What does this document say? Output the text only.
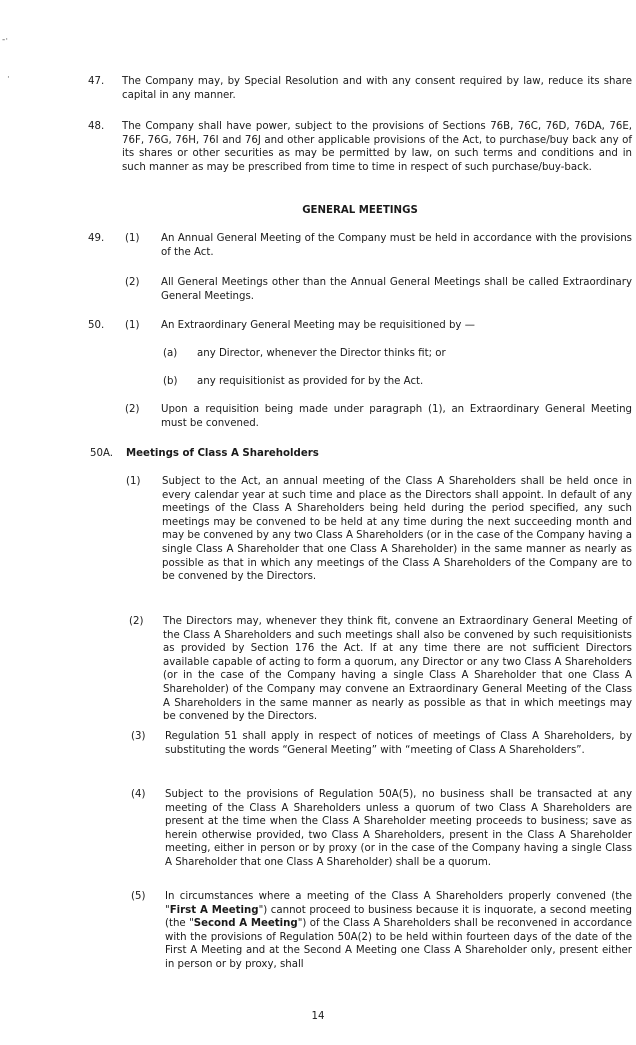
-·
·	47. The Company may, by Special Resolution and with any consent required by law, reduce its share capital in any manner.
48. The Company shall have power, subject to the provisions of Sections 76B, 76C, 76D, 76DA, 76E, 76F, 76G, 76H, 76I and 76J and other applicable provisions of the Act, to purchase/buy back any of its shares or other securities as may be permitted by law, on such terms and conditions and in such manner as may be prescribed from time to time in respect of such purchase/buy-back.
GENERAL MEETINGS
49. (1) An Annual General Meeting of the Company must be held in accordance with the provisions of the Act.
(2) All General Meetings other than the Annual General Meetings shall be called Extraordinary General Meetings.
50. (1) An Extraordinary General Meeting may be requisitioned by —
(a) any Director, whenever the Director thinks fit; or
(b) any requisitionist as provided for by the Act.
(2) Upon a requisition being made under paragraph (1), an Extraordinary General Meeting must be convened.
50A. Meetings of Class A Shareholders
(1) Subject to the Act, an annual meeting of the Class A Shareholders shall be held once in every calendar year at such time and place as the Directors shall appoint. In default of any meetings of the Class A Shareholders being held during the period specified, any such meetings may be convened to be held at any time during the next succeeding month and may be convened by any two Class A Shareholders (or in the case of the Company having a single Class A Shareholder that one Class A Shareholder) in the same manner as nearly as possible as that in which any meetings of the Class A Shareholders of the Company are to be convened by the Directors.
(2) The Directors may, whenever they think fit, convene an Extraordinary General Meeting of the Class A Shareholders and such meetings shall also be convened by such requisitionists as provided by Section 176 the Act. If at any time there are not sufficient Directors available capable of acting to form a quorum, any Director or any two Class A Shareholders (or in the case of the Company having a single Class A Shareholder that one Class A Shareholder) of the Company may convene an Extraordinary General Meeting of the Class A Shareholders in the same manner as nearly as possible as that in which meetings may be convened by the Directors.
(3) Regulation 51 shall apply in respect of notices of meetings of Class A Shareholders, by substituting the words “General Meeting” with “meeting of Class A Shareholders”.
(4) Subject to the provisions of Regulation 50A(5), no business shall be transacted at any meeting of the Class A Shareholders unless a quorum of two Class A Shareholders are present at the time when the Class A Shareholder meeting proceeds to business; save as herein otherwise provided, two Class A Shareholders, present in the Class A Shareholder meeting, either in person or by proxy (or in the case of the Company having a single Class A Shareholder that one Class A Shareholder) shall be a quorum.
(5) In circumstances where a meeting of the Class A Shareholders properly convened (the "First A Meeting") cannot proceed to business because it is inquorate, a second meeting (the "Second A Meeting") of the Class A Shareholders shall be reconvened in accordance with the provisions of Regulation 50A(2) to be held within fourteen days of the date of the First A Meeting and at the Second A Meeting one Class A Shareholder only, present either in person or by proxy, shall
14
